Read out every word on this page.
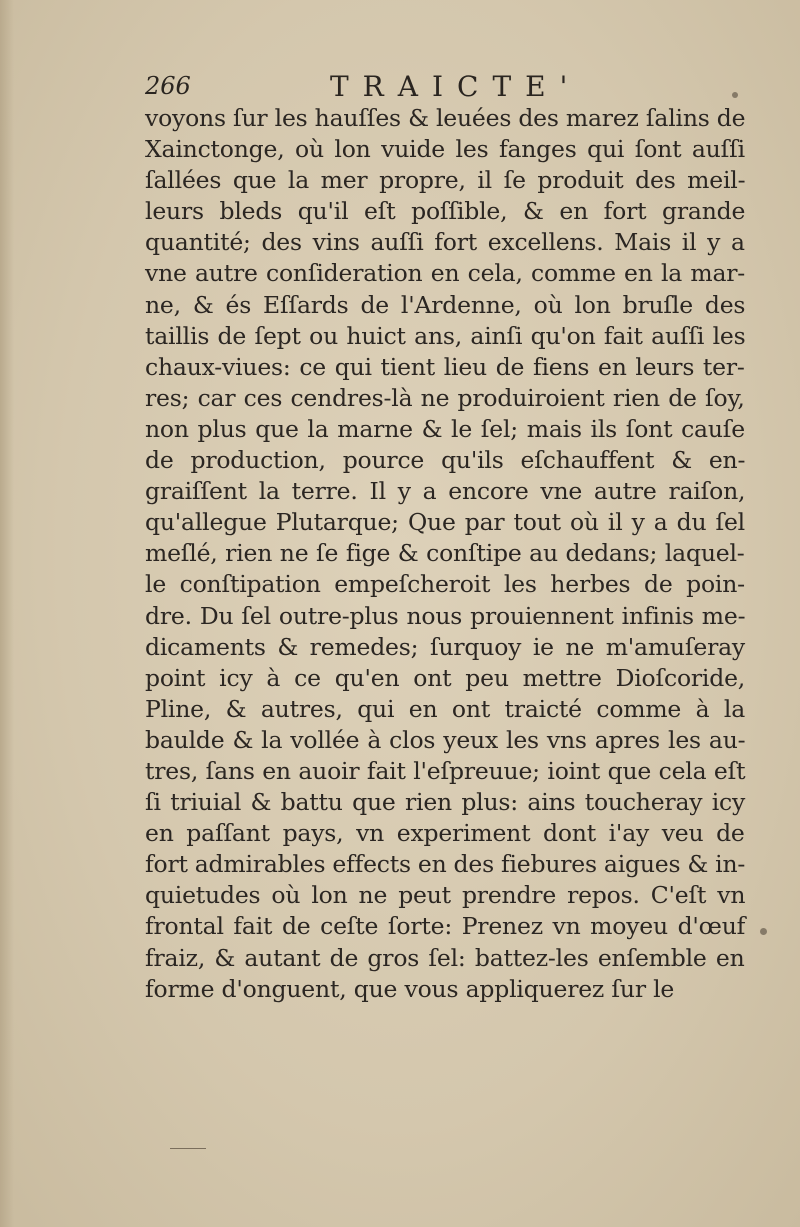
266	TRAICTE'
voyons ſur les hauſſes & leuées des marez ſalins de
Xainctonge, où lon vuide les fanges qui ſont auſſi
ſallées que la mer propre, il ſe produit des meil-
leurs bleds qu'il eſt poſſible, & en fort grande
quantité; des vins auſſi fort excellens. Mais il y a
vne autre conſideration en cela, comme en la mar-
ne, & és Eſſards de l'Ardenne, où lon bruſle des
taillis de ſept ou huict ans, ainſi qu'on fait auſſi les
chaux-viues: ce qui tient lieu de fiens en leurs ter-
res; car ces cendres-là ne produiroient rien de ſoy,
non plus que la marne & le ſel; mais ils ſont cauſe
de production, pource qu'ils eſchauffent & en-
graiſſent la terre. Il y a encore vne autre raiſon,
qu'allegue Plutarque; Que par tout où il y a du ſel
meſlé, rien ne ſe fige & conſtipe au dedans; laquel-
le conſtipation empeſcheroit les herbes de poin-
dre. Du ſel outre-plus nous prouiennent infinis me-
dicaments & remedes; ſurquoy ie ne m'amuſeray
point icy à ce qu'en ont peu mettre Dioſcoride,
Pline, & autres, qui en ont traicté comme à la
baulde & la vollée à clos yeux les vns apres les au-
tres, ſans en auoir fait l'eſpreuue; ioint que cela eſt
ſi triuial & battu que rien plus: ains toucheray icy
en paſſant pays, vn experiment dont i'ay veu de
fort admirables effects en des fiebures aigues & in-
quietudes où lon ne peut prendre repos. C'eſt vn
frontal fait de ceſte ſorte: Prenez vn moyeu d'œuf
fraiz, & autant de gros ſel: battez-les enſemble en
forme d'onguent, que vous appliquerez ſur le
